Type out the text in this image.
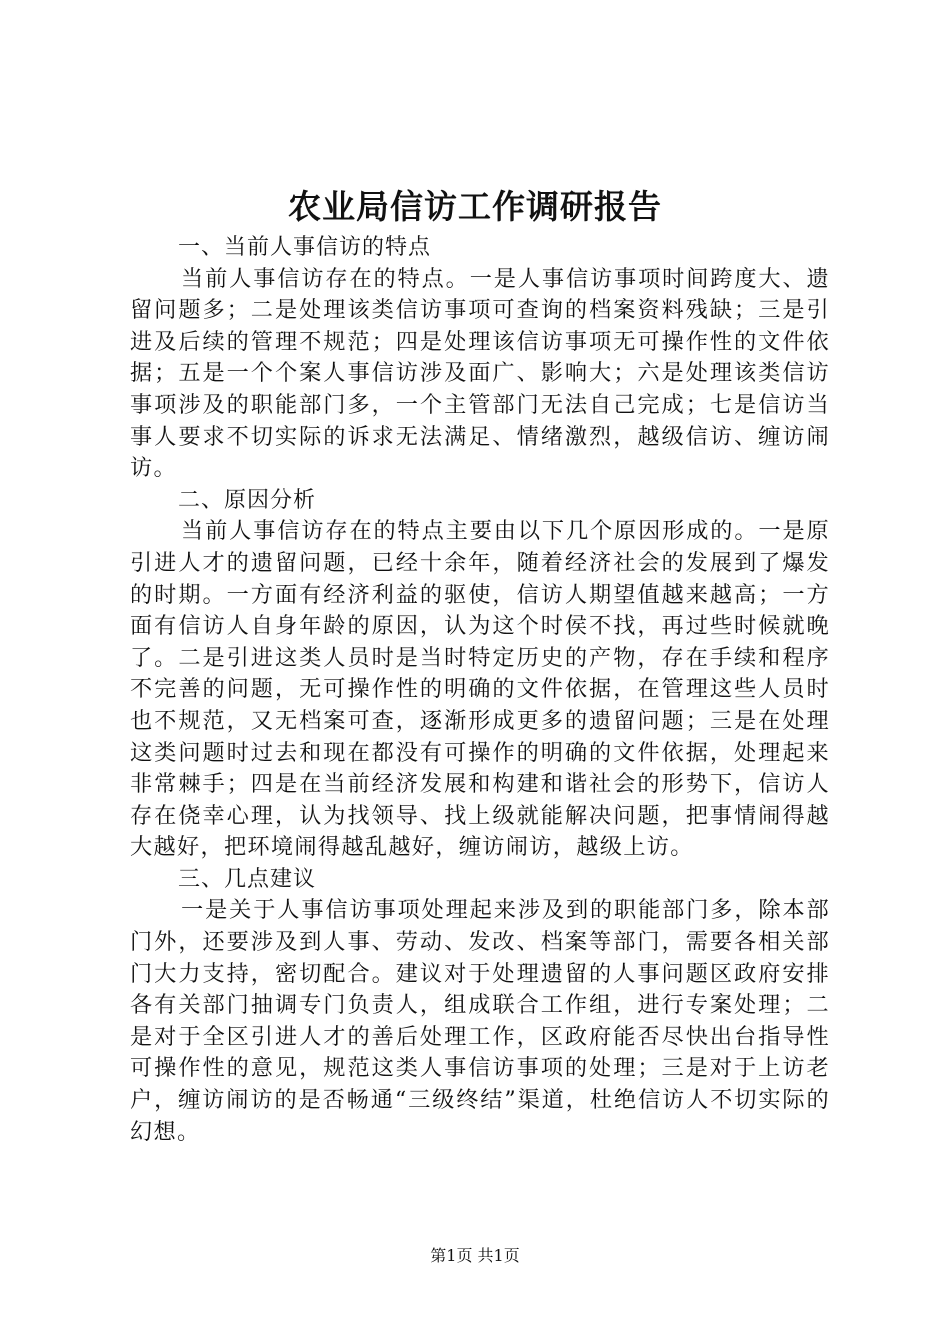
农业局信访工作调研报告

一、当前人事信访的特点

当前人事信访存在的特点。一是人事信访事项时间跨度大、遗留问题多；二是处理该类信访事项可查询的档案资料残缺；三是引进及后续的管理不规范；四是处理该信访事项无可操作性的文件依据；五是一个个案人事信访涉及面广、影响大；六是处理该类信访事项涉及的职能部门多，一个主管部门无法自己完成；七是信访当事人要求不切实际的诉求无法满足、情绪激烈，越级信访、缠访闹访。

二、原因分析

当前人事信访存在的特点主要由以下几个原因形成的。一是原引进人才的遗留问题，已经十余年，随着经济社会的发展到了爆发的时期。一方面有经济利益的驱使，信访人期望值越来越高；一方面有信访人自身年龄的原因，认为这个时侯不找，再过些时候就晚了。二是引进这类人员时是当时特定历史的产物，存在手续和程序不完善的问题，无可操作性的明确的文件依据，在管理这些人员时也不规范，又无档案可查，逐渐形成更多的遗留问题；三是在处理这类问题时过去和现在都没有可操作的明确的文件依据，处理起来非常棘手；四是在当前经济发展和构建和谐社会的形势下，信访人存在侥幸心理，认为找领导、找上级就能解决问题，把事情闹得越大越好，把环境闹得越乱越好，缠访闹访，越级上访。

三、几点建议

一是关于人事信访事项处理起来涉及到的职能部门多，除本部门外，还要涉及到人事、劳动、发改、档案等部门，需要各相关部门大力支持，密切配合。建议对于处理遗留的人事问题区政府安排各有关部门抽调专门负责人，组成联合工作组，进行专案处理；二是对于全区引进人才的善后处理工作，区政府能否尽快出台指导性可操作性的意见，规范这类人事信访事项的处理；三是对于上访老户，缠访闹访的是否畅通“三级终结”渠道，杜绝信访人不切实际的幻想。

第1页 共1页
